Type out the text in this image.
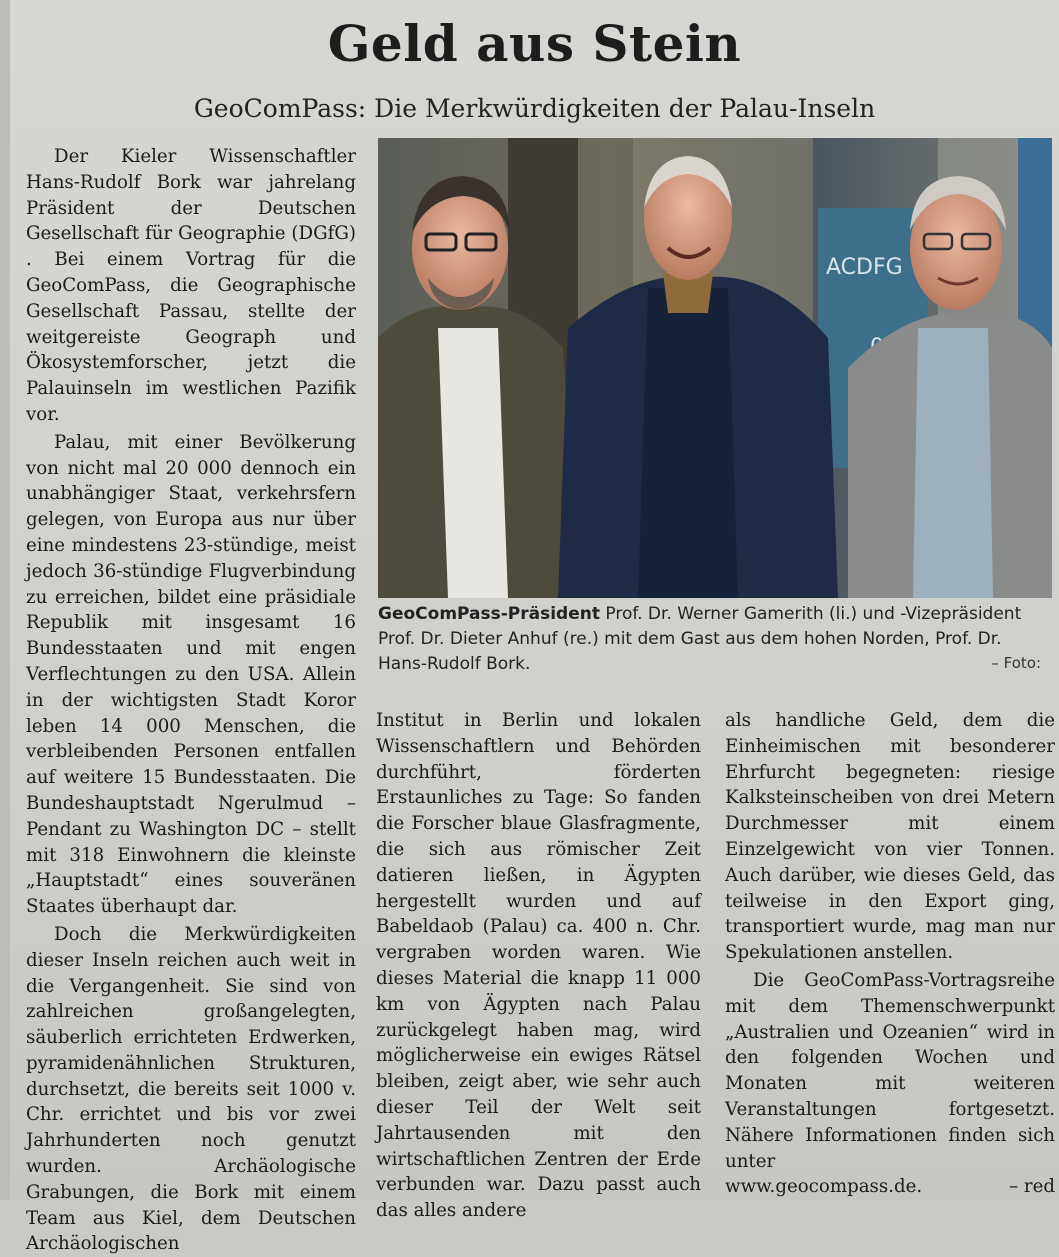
Geld aus Stein
GeoComPass: Die Merkwürdigkeiten der Palau-Inseln

Der Kieler Wissenschaftler Hans-Rudolf Bork war jahrelang Präsident der Deutschen Gesellschaft für Geographie (DGfG) . Bei einem Vortrag für die GeoComPass, die Geographische Gesellschaft Passau, stellte der weitgereiste Geograph und Ökosystemforscher, jetzt die Palauinseln im westlichen Pazifik vor.

Palau, mit einer Bevölkerung von nicht mal 20 000 dennoch ein unabhängiger Staat, verkehrsfern gelegen, von Europa aus nur über eine mindestens 23-stündige, meist jedoch 36-stündige Flugverbindung zu erreichen, bildet eine präsidiale Republik mit insgesamt 16 Bundesstaaten und mit engen Verflechtungen zu den USA. Allein in der wichtigsten Stadt Koror leben 14 000 Menschen, die verbleibenden Personen entfallen auf weitere 15 Bundesstaaten. Die Bundeshauptstadt Ngerulmud – Pendant zu Washington DC – stellt mit 318 Einwohnern die kleinste „Hauptstadt“ eines souveränen Staates überhaupt dar.

Doch die Merkwürdigkeiten dieser Inseln reichen auch weit in die Vergangenheit. Sie sind von zahlreichen großangelegten, säuberlich errichteten Erdwerken, pyramidenähnlichen Strukturen, durchsetzt, die bereits seit 1000 v. Chr. errichtet und bis vor zwei Jahrhunderten noch genutzt wurden. Archäologische Grabungen, die Bork mit einem Team aus Kiel, dem Deutschen Archäologischen

ACDFG
GeoComPass-Präsident Prof. Dr. Werner Gamerith (li.) und -Vizepräsident Prof. Dr. Dieter Anhuf (re.) mit dem Gast aus dem hohen Norden, Prof. Dr. Hans-Rudolf Bork.	– Foto:

Institut in Berlin und lokalen Wissenschaftlern und Behörden durchführt, förderten Erstaunliches zu Tage: So fanden die Forscher blaue Glasfragmente, die sich aus römischer Zeit datieren ließen, in Ägypten hergestellt wurden und auf Babeldaob (Palau) ca. 400 n. Chr. vergraben worden waren. Wie dieses Material die knapp 11 000 km von Ägypten nach Palau zurückgelegt haben mag, wird möglicherweise ein ewiges Rätsel bleiben, zeigt aber, wie sehr auch dieser Teil der Welt seit Jahrtausenden mit den wirtschaftlichen Zentren der Erde verbunden war. Dazu passt auch das alles andere

als handliche Geld, dem die Einheimischen mit besonderer Ehrfurcht begegneten: riesige Kalksteinscheiben von drei Metern Durchmesser mit einem Einzelgewicht von vier Tonnen. Auch darüber, wie dieses Geld, das teilweise in den Export ging, transportiert wurde, mag man nur Spekulationen anstellen.

Die GeoComPass-Vortragsreihe mit dem Themenschwerpunkt „Australien und Ozeanien“ wird in den folgenden Wochen und Monaten mit weiteren Veranstaltungen fortgesetzt. Nähere Informationen finden sich unter

www.geocompass.de.	– red
